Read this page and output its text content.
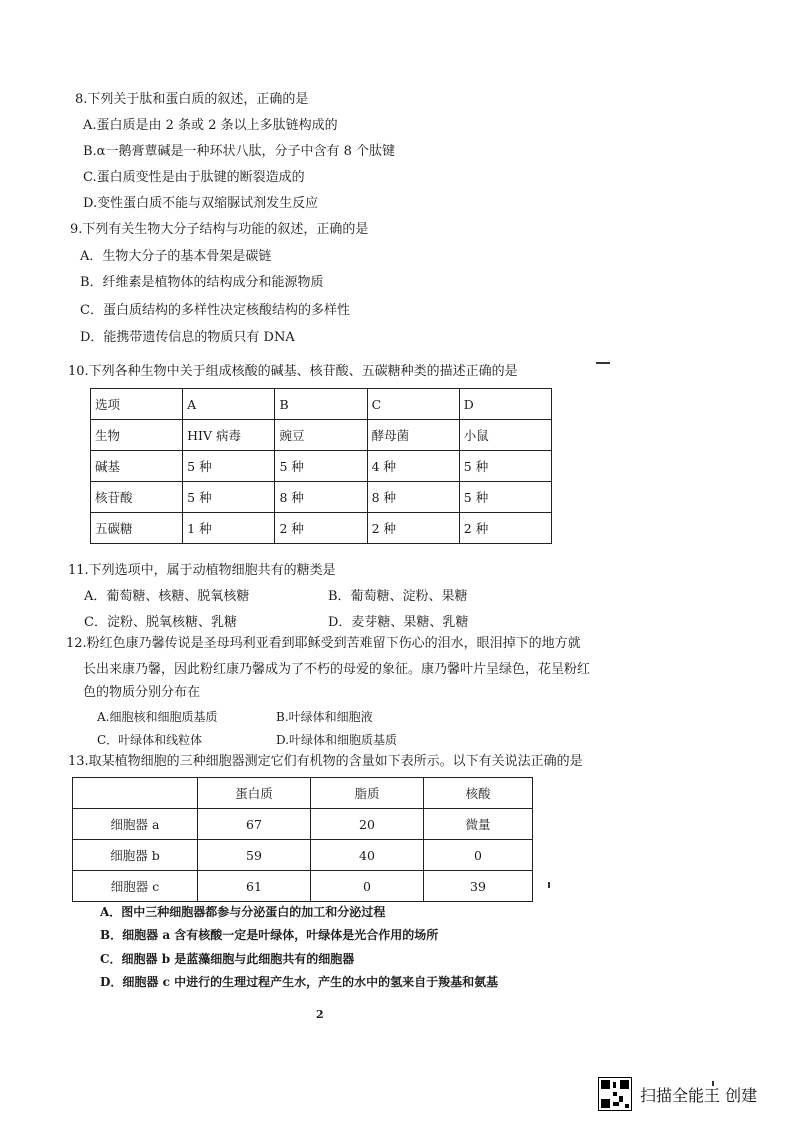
8.下列关于肽和蛋白质的叙述，正确的是
A.蛋白质是由 2 条或 2 条以上多肽链构成的
B.α一鹅膏蕈碱是一种环状八肽，分子中含有 8 个肽键
C.蛋白质变性是由于肽键的断裂造成的
D.变性蛋白质不能与双缩脲试剂发生反应
9.下列有关生物大分子结构与功能的叙述，正确的是
A．生物大分子的基本骨架是碳链
B．纤维素是植物体的结构成分和能源物质
C．蛋白质结构的多样性决定核酸结构的多样性
D．能携带遗传信息的物质只有 DNA
10.下列各种生物中关于组成核酸的碱基、核苷酸、五碳糖种类的描述正确的是
选项	A	B	C	D
生物	HIV 病毒	豌豆	酵母菌	小鼠
碱基	5 种	5 种	4 种	5 种
核苷酸	5 种	8 种	8 种	5 种
五碳糖	1 种	2 种	2 种	2 种
11.下列选项中，属于动植物细胞共有的糖类是
A．葡萄糖、核糖、脱氧核糖	B．葡萄糖、淀粉、果糖
C．淀粉、脱氧核糖、乳糖	D．麦芽糖、果糖、乳糖
12.粉红色康乃馨传说是圣母玛利亚看到耶稣受到苦难留下伤心的泪水，眼泪掉下的地方就
长出来康乃馨，因此粉红康乃馨成为了不朽的母爱的象征。康乃馨叶片呈绿色，花呈粉红
色的物质分别分布在
A.细胞核和细胞质基质	B.叶绿体和细胞液
C．叶绿体和线粒体	D.叶绿体和细胞质基质
13.取某植物细胞的三种细胞器测定它们有机物的含量如下表所示。以下有关说法正确的是
	蛋白质	脂质	核酸
细胞器 a	67	20	微量
细胞器 b	59	40	0
细胞器 c	61	0	39
A．图中三种细胞器都参与分泌蛋白的加工和分泌过程
B．细胞器 a 含有核酸一定是叶绿体，叶绿体是光合作用的场所
C．细胞器 b 是蓝藻细胞与此细胞共有的细胞器
D．细胞器 c 中进行的生理过程产生水，产生的水中的氢来自于羧基和氨基
2
扫描全能王 创建
